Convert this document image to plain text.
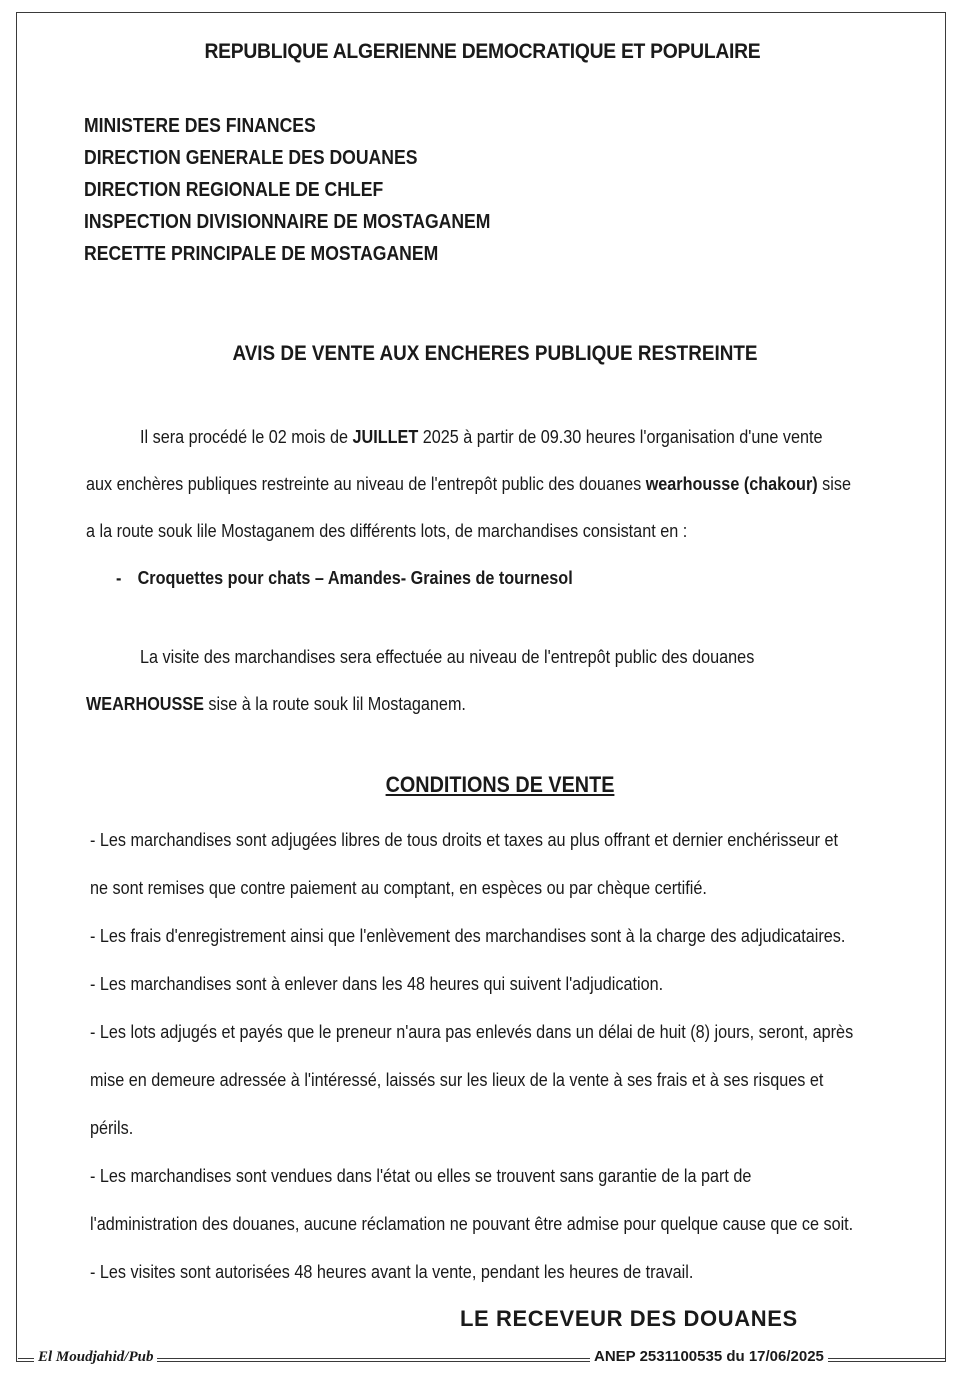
REPUBLIQUE ALGERIENNE DEMOCRATIQUE ET POPULAIRE
MINISTERE DES FINANCES
DIRECTION GENERALE DES DOUANES
DIRECTION REGIONALE DE CHLEF
INSPECTION DIVISIONNAIRE DE MOSTAGANEM
RECETTE PRINCIPALE DE MOSTAGANEM
AVIS DE VENTE AUX ENCHERES PUBLIQUE RESTREINTE
Il sera procédé le 02 mois de JUILLET 2025 à partir de 09.30 heures l'organisation d'une vente
aux enchères publiques restreinte au niveau de l'entrepôt public des douanes wearhousse (chakour) sise
a la route souk lile Mostaganem des différents lots, de marchandises consistant en :
- Croquettes pour chats – Amandes- Graines de tournesol
La visite des marchandises sera effectuée au niveau de l'entrepôt public des douanes
WEARHOUSSE sise à la route souk lil Mostaganem.
CONDITIONS DE VENTE
- Les marchandises sont adjugées libres de tous droits et taxes au plus offrant et dernier enchérisseur et
ne sont remises que contre paiement au comptant, en espèces ou par chèque certifié.
- Les frais d'enregistrement ainsi que l'enlèvement des marchandises sont à la charge des adjudicataires.
- Les marchandises sont à enlever dans les 48 heures qui suivent l'adjudication.
- Les lots adjugés et payés que le preneur n'aura pas enlevés dans un délai de huit (8) jours, seront, après
mise en demeure adressée à l'intéressé, laissés sur les lieux de la vente à ses frais et à ses risques et
périls.
- Les marchandises sont vendues dans l'état ou elles se trouvent sans garantie de la part de
l'administration des douanes, aucune réclamation ne pouvant être admise pour quelque cause que ce soit.
- Les visites sont autorisées 48 heures avant la vente, pendant les heures de travail.
LE RECEVEUR DES DOUANES
El Moudjahid/Pub	ANEP 2531100535 du 17/06/2025
